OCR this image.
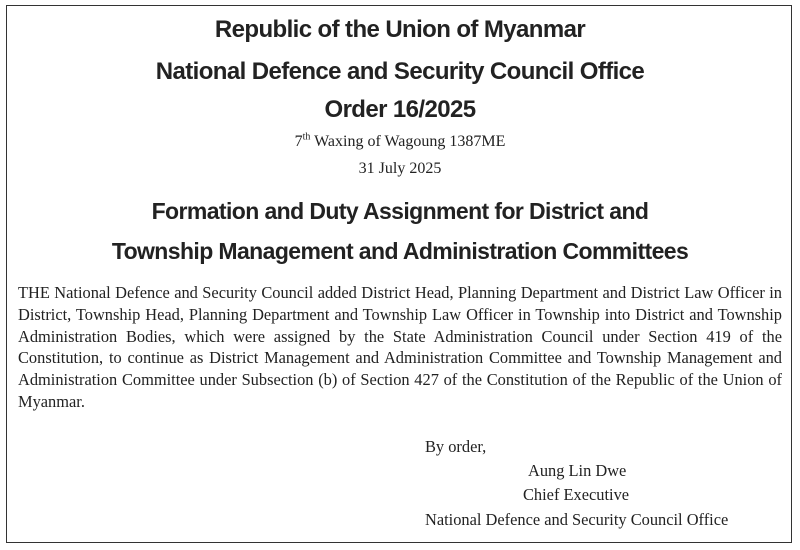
Republic of the Union of Myanmar
National Defence and Security Council Office
Order 16/2025
7th Waxing of Wagoung 1387ME
31 July 2025
Formation and Duty Assignment for District and
Township Management and Administration Committees

THE National Defence and Security Council added District Head, Planning Department and District Law Officer in District, Township Head, Planning Department and Township Law Officer in Township into District and Township Administration Bodies, which were assigned by the State Administration Council under Section 419 of the Constitution, to continue as District Management and Administration Committee and Township Management and Administration Committee under Subsection (b) of Section 427 of the Constitution of the Republic of the Union of Myanmar.

By order,

Aung Lin Dwe

Chief Executive

National Defence and Security Council Office
